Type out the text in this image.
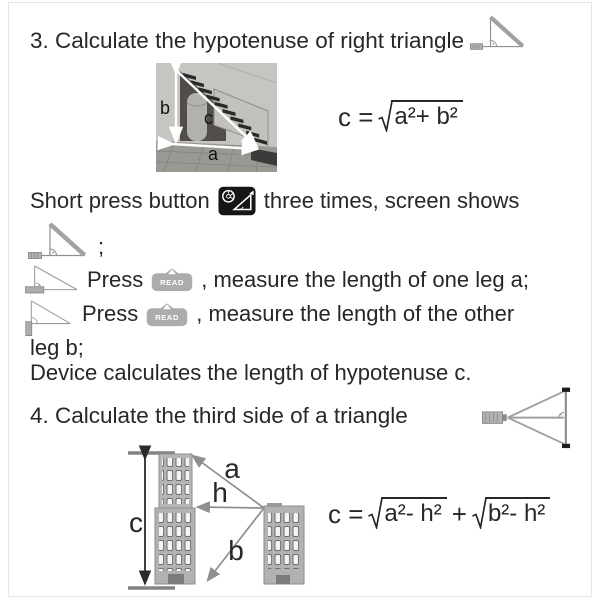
3. Calculate the hypotenuse of right triangle
b c
a
c = a²+ b²
Short press button three times, screen shows
;
Press READ , measure the length of one leg a;
Press READ , measure the length of the other
leg b;
Device calculates the length of hypotenuse c.
4. Calculate the third side of a triangle
c
a
h
b
c = a²- h² + b²- h²
